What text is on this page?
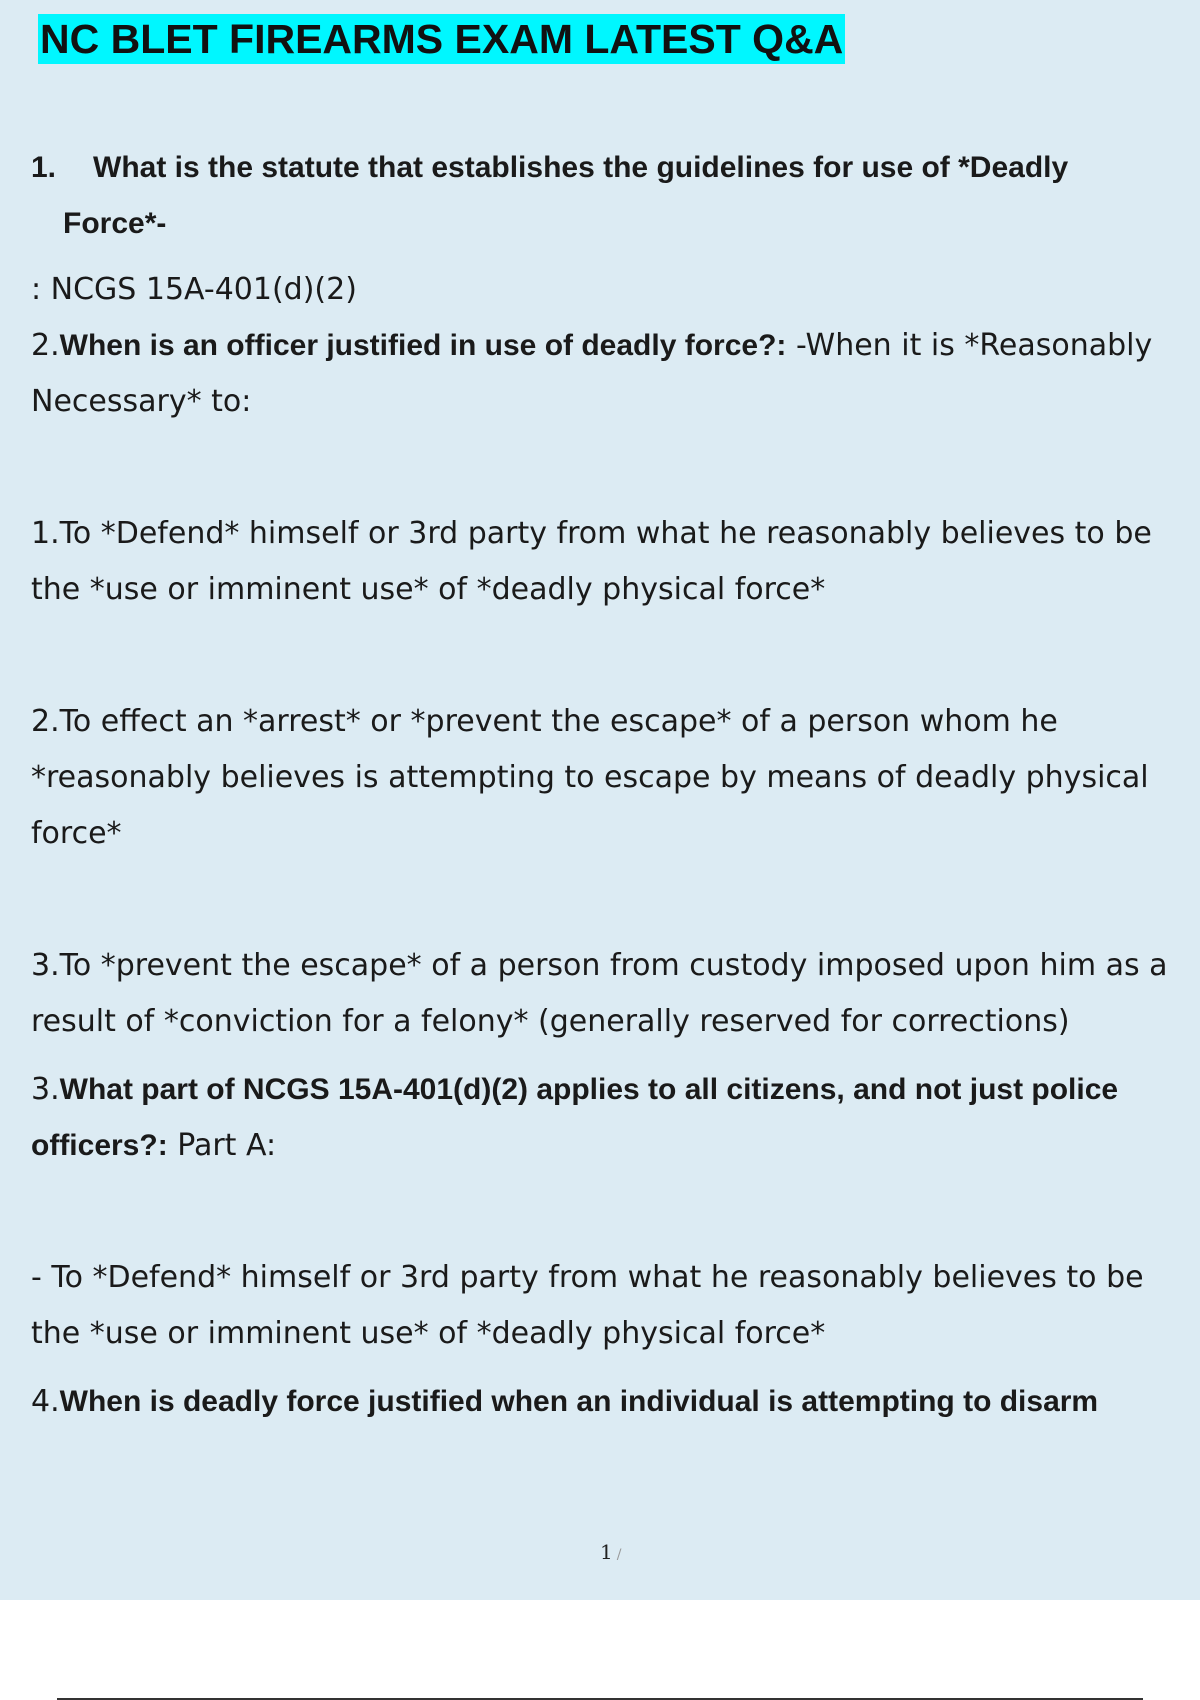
NC BLET FIREARMS EXAM LATEST Q&A
1.	What is the statute that establishes the guidelines for use of *Deadly
Force*-

: NCGS 15A-401(d)(2)

2.When is an officer justified in use of deadly force?: -When it is *Reasonably Necessary* to:

1.To *Defend* himself or 3rd party from what he reasonably believes to be the *use or imminent use* of *deadly physical force*

2.To effect an *arrest* or *prevent the escape* of a person whom he *reasonably believes is attempting to escape by means of deadly physical force*

3.To *prevent the escape* of a person from custody imposed upon him as a result of *conviction for a felony* (generally reserved for corrections)

3.What part of NCGS 15A-401(d)(2) applies to all citizens, and not just police officers?: Part A:

- To *Defend* himself or 3rd party from what he reasonably believes to be the *use or imminent use* of *deadly physical force*

4.When is deadly force justified when an individual is attempting to disarm

1 /
